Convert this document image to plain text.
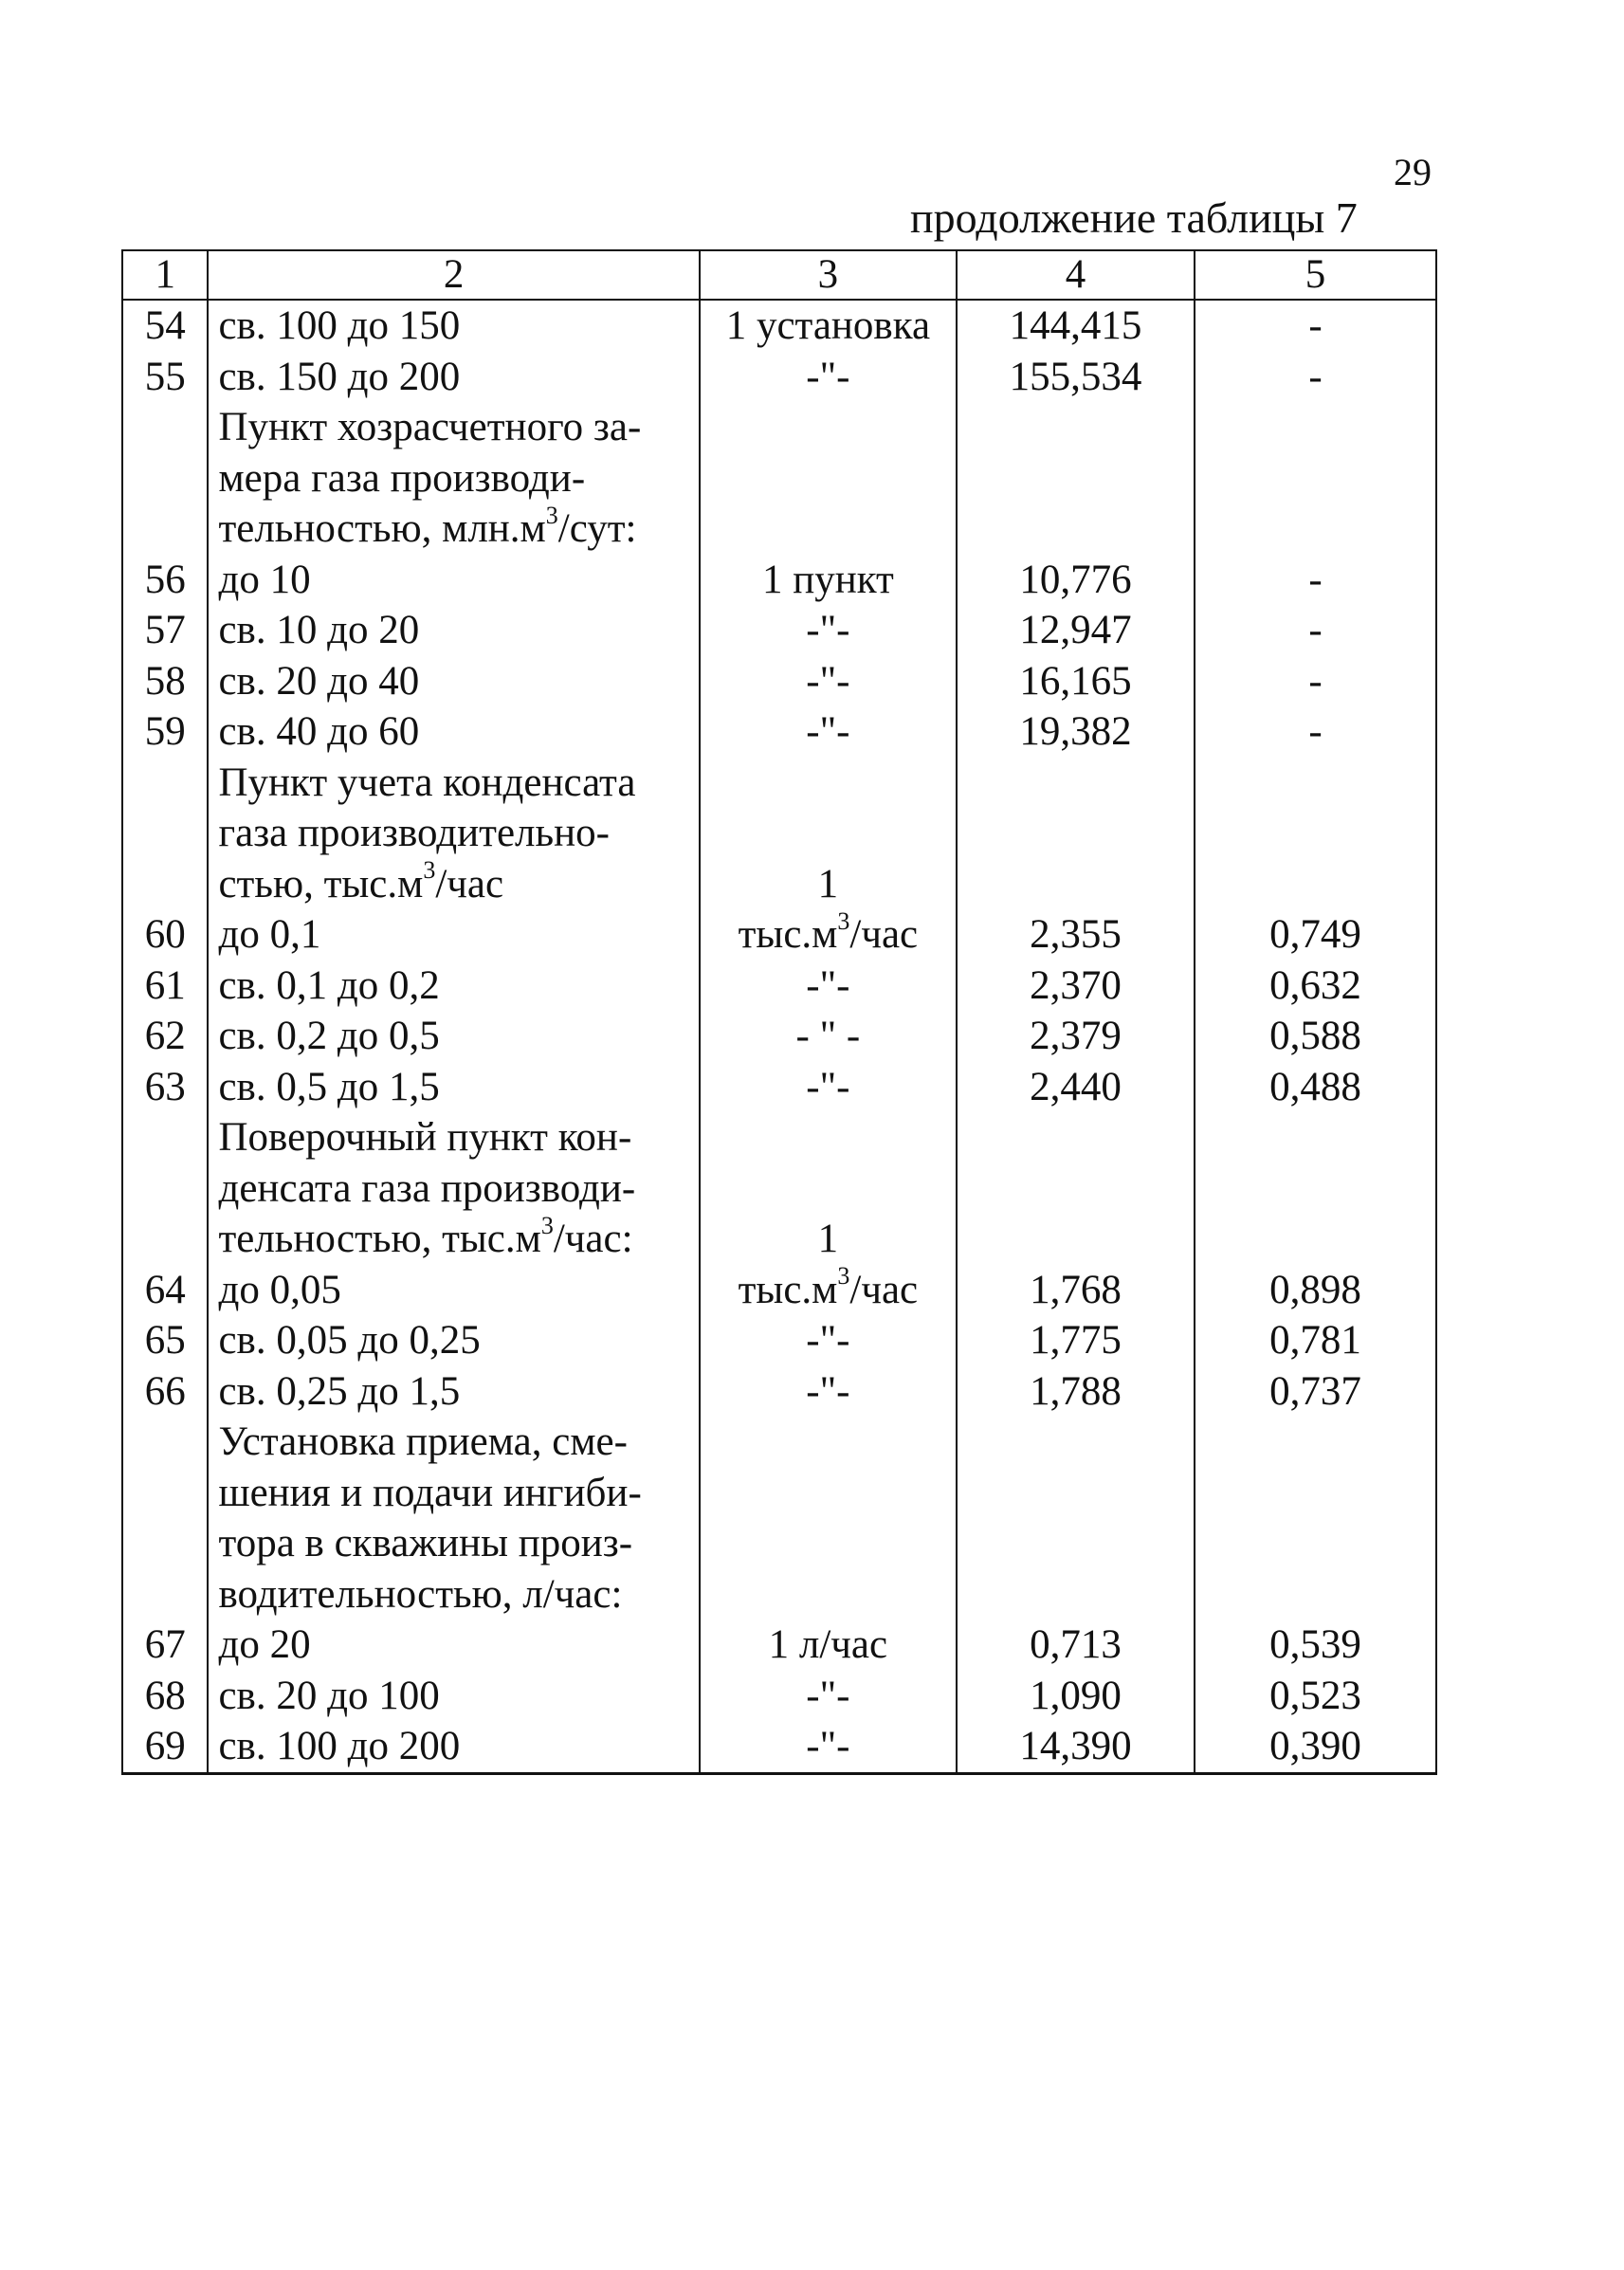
29
продолжение таблицы 7
1	2	3	4	5
54	св. 100 до 150	1 установка	144,415	-
55	св. 150 до 200	-"-	155,534	-

	Пункт хозрасчетного за-
мера газа производи-
тельностью, $млн.м^3$/сут:			

56	до 10	1 пункт	10,776	-
57	св. 10 до 20	-"-	12,947	-
58	св. 20 до 40	-"-	16,165	-
59	св. 40 до 60	-"-	19,382	-

	Пункт учета конденсата
газа производительно-
стью, $тыс.м^3$/час	1		
60	до 0,1	$тыс.м^3$/час	2,355	0,749
61	св. 0,1 до 0,2	-"-	2,370	0,632
62	св. 0,2 до 0,5	- " -	2,379	0,588
63	св. 0,5 до 1,5	-"-	2,440	0,488

	Поверочный пункт кон-
денсата газа производи-
тельностью, $тыс.м^3$/час:	1		
64	до 0,05	$тыс.м^3$/час	1,768	0,898
65	св. 0,05 до 0,25	-"-	1,775	0,781
66	св. 0,25 до 1,5	-"-	1,788	0,737

	Установка приема, сме-
шения и подачи ингиби-
тора в скважины произ-
водительностью, л/час:			

67	до 20	1 л/час	0,713	0,539
68	св. 20 до 100	-"-	1,090	0,523
69	св. 100 до 200	-"-	14,390	0,390
